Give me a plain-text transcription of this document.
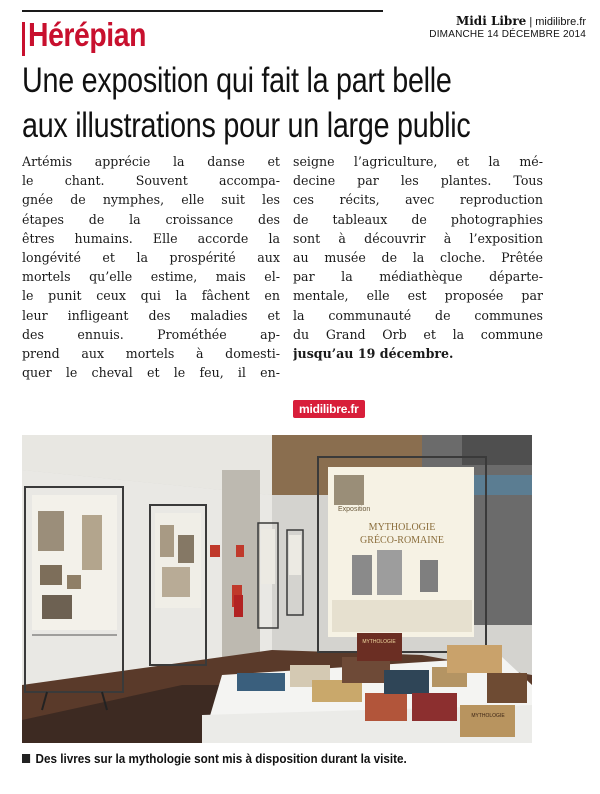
Midi Libre | midilibre.fr
DIMANCHE 14 DÉCEMBRE 2014
Hérépian
Une exposition qui fait la part belle
aux illustrations pour un large public
Artémis apprécie la danse et
le chant. Souvent accompa-
gnée de nymphes, elle suit les
étapes de la croissance des
êtres humains. Elle accorde la
longévité et la prospérité aux
mortels qu’elle estime, mais el-
le punit ceux qui la fâchent en
leur infligeant des maladies et
des ennuis. Prométhée ap-
prend aux mortels à domesti-
quer le cheval et le feu, il en-
seigne l’agriculture, et la mé-
decine par les plantes. Tous
ces récits, avec reproduction
de tableaux de photographies
sont à découvrir à l’exposition
au musée de la cloche. Prêtée
par la médiathèque départe-
mentale, elle est proposée par
la communauté de communes
du Grand Orb et la commune
jusqu’au 19 décembre.
midilibre.fr
Exposition
MYTHOLOGIE
GRÉCO-ROMAINE
MYTHOLOGIE
MYTHOLOGIE
Des livres sur la mythologie sont mis à disposition durant la visite.
